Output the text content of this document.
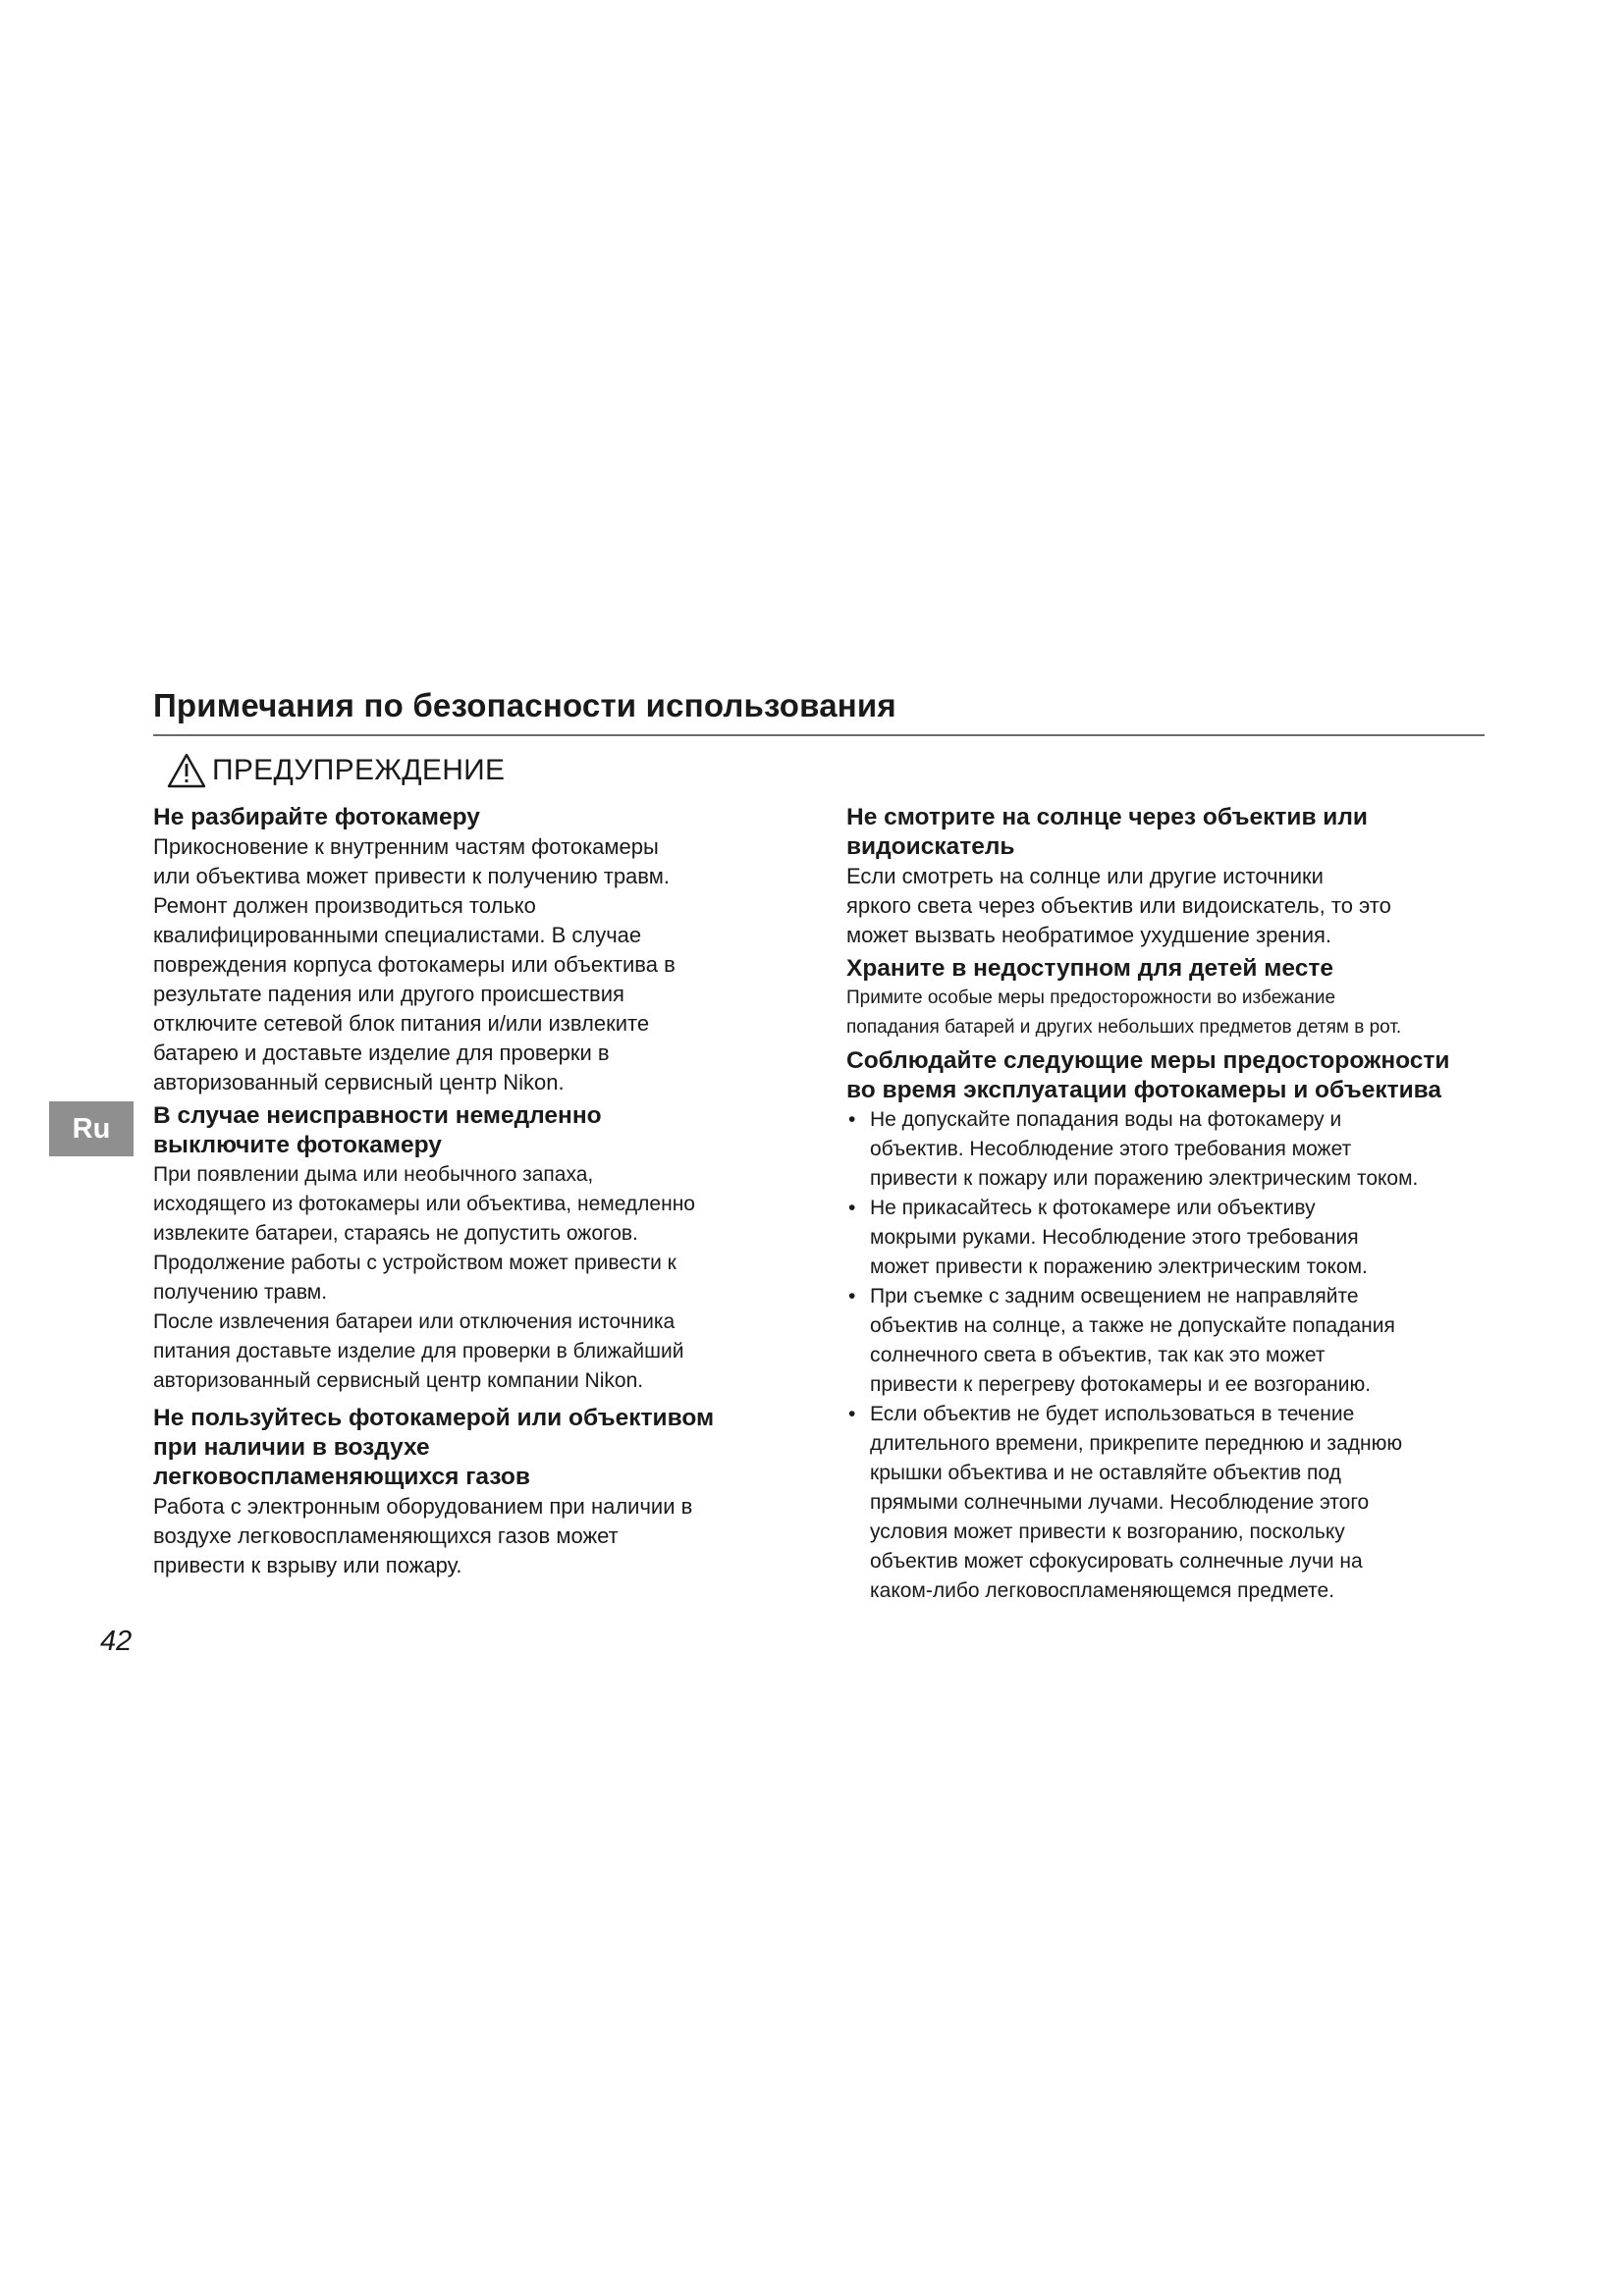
Примечания по безопасности использования
ПРЕДУПРЕЖДЕНИЕ
Ru
Не разбирайте фотокамеру
Прикосновение к внутренним частям фотокамеры
или объектива может привести к получению травм.
Ремонт должен производиться только
квалифицированными специалистами. В случае
повреждения корпуса фотокамеры или объектива в
результате падения или другого происшествия
отключите сетевой блок питания и/или извлеките
батарею и доставьте изделие для проверки в
авторизованный сервисный центр Nikon.
В случае неисправности немедленно
выключите фотокамеру
При появлении дыма или необычного запаха,
исходящего из фотокамеры или объектива, немедленно
извлеките батареи, стараясь не допустить ожогов.
Продолжение работы с устройством может привести к
получению травм.
После извлечения батареи или отключения источника
питания доставьте изделие для проверки в ближайший
авторизованный сервисный центр компании Nikon.
Не пользуйтесь фотокамерой или объективом
при наличии в воздухе
легковоспламеняющихся газов
Работа с электронным оборудованием при наличии в
воздухе легковоспламеняющихся газов может
привести к взрыву или пожару.
Не смотрите на солнце через объектив или
видоискатель
Если смотреть на солнце или другие источники
яркого света через объектив или видоискатель, то это
может вызвать необратимое ухудшение зрения.
Храните в недоступном для детей месте
Примите особые меры предосторожности во избежание
попадания батарей и других небольших предметов детям в рот.
Соблюдайте следующие меры предосторожности
во время эксплуатации фотокамеры и объектива
• Не допускайте попадания воды на фотокамеру и
объектив. Несоблюдение этого требования может
привести к пожару или поражению электрическим током.
• Не прикасайтесь к фотокамере или объективу
мокрыми руками. Несоблюдение этого требования
может привести к поражению электрическим током.
• При съемке с задним освещением не направляйте
объектив на солнце, а также не допускайте попадания
солнечного света в объектив, так как это может
привести к перегреву фотокамеры и ее возгоранию.
• Если объектив не будет использоваться в течение
длительного времени, прикрепите переднюю и заднюю
крышки объектива и не оставляйте объектив под
прямыми солнечными лучами. Несоблюдение этого
условия может привести к возгоранию, поскольку
объектив может сфокусировать солнечные лучи на
каком-либо легковоспламеняющемся предмете.
42
